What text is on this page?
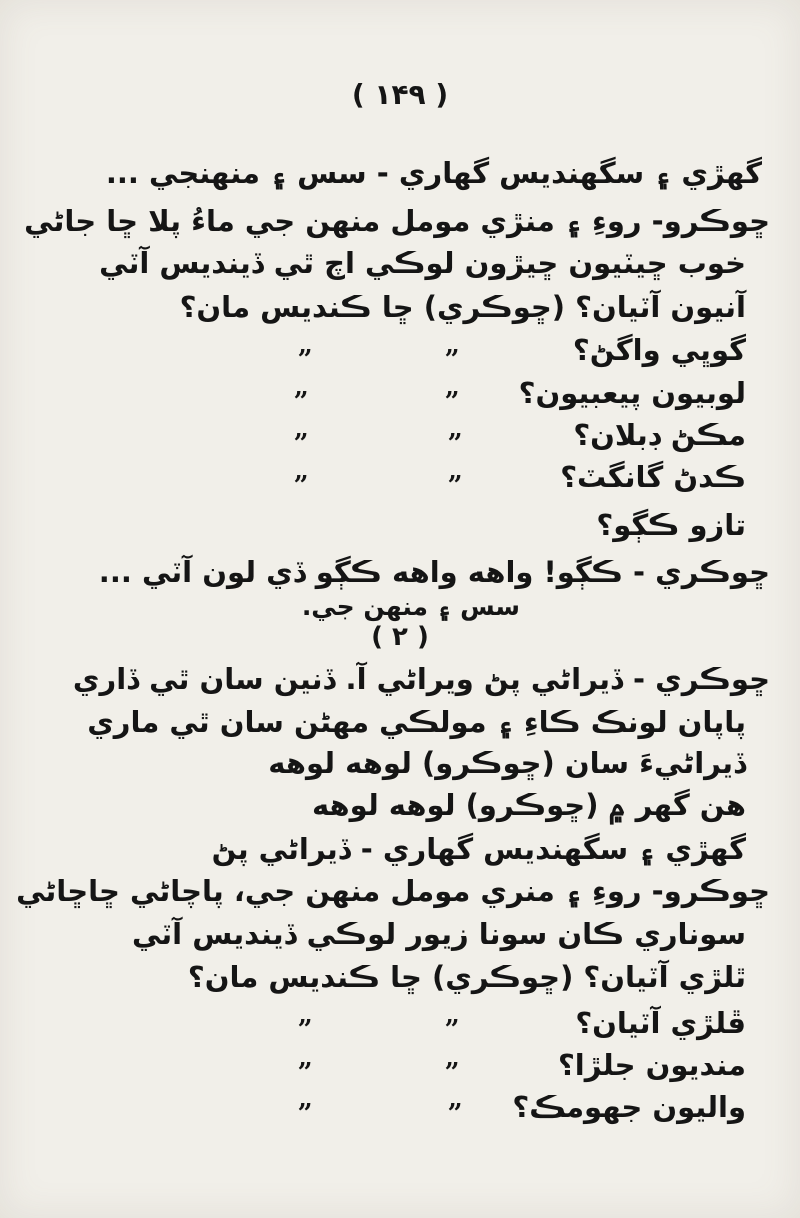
( ۱۴۹ )
گهڙي ۽ سگهنديس گهاري - سس ۽ منهنجي ...
ڇوڪرو- روءِ ۽ منڙي مومل منهن جي ماءُ پلا ڇا جاڻي
خوب ڇيٽيون ڇيڙون لوڪي اچ ٿي ڏينديس آٽي
آنيون آٽيان؟ (ڇوڪري) ڇا ڪنديس مان؟
گوڀي واگڻ؟
„
„
لوبيون پيعبيون؟
„
„
مڪڻ ڊبلان؟
„
„
ڪدڻ گانگٽ؟
„
„
تازو ڪڳو؟
ڇوڪري - ڪڳو! واهه واهه ڪڳو ڏي لون آٽي ...
سس ۽ منهن جي.
( ۲ )
ڇوڪري - ڏيراڻي پڻ ويراڻي آ. ڏنين سان ٿي ڏاري
پاپان لونڪ ڪاءِ ۽ مولڪي مهڻن سان ٿي ماري
ڏيراڻيءَ سان (ڇوڪرو) لوهه لوهه
هن گهر ۾ (ڇوڪرو) لوهه لوهه
گهڙي ۽ سگهنديس گهاري - ڏيراڻي پڻ
ڇوڪرو- روءِ ۽ منري مومل منهن جي، پاچاڻي ڇاڇاڻي
سوناري ڪان سونا زيور لوڪي ڏينديس آٽي
ٿلڙي آٽيان؟ (ڇوڪري) ڇا ڪنديس مان؟
ڦلڙي آٽيان؟
„
„
منديون جلڙا؟
„
„
واليون جهومڪ؟
„
„
